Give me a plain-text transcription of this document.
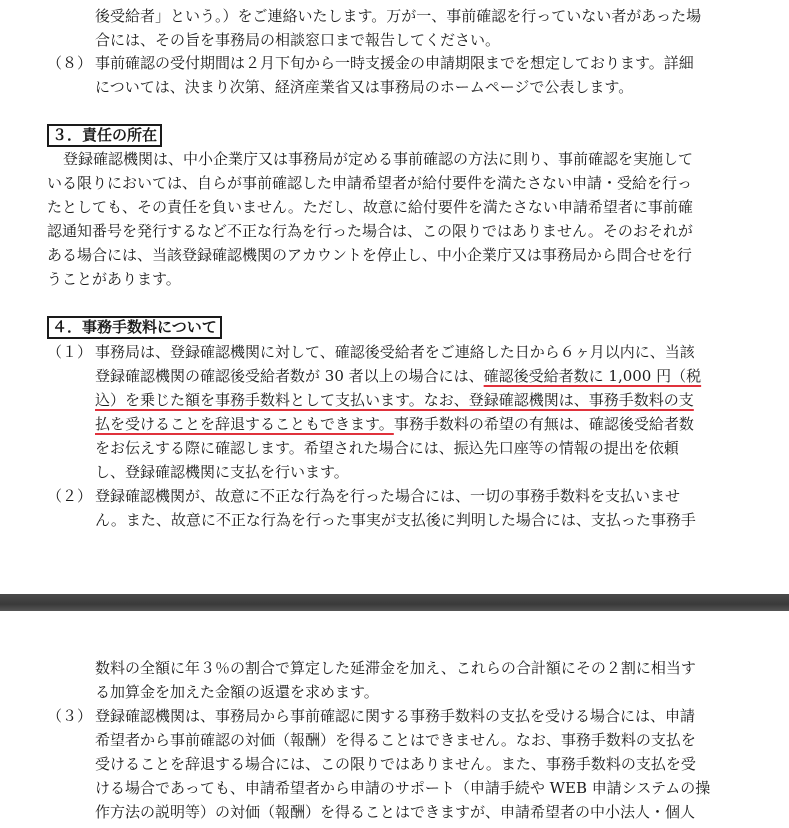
後受給者」という。）をご連絡いたします。万が一、事前確認を行っていない者があった場
合には、その旨を事務局の相談窓口まで報告してください。
（８） 事前確認の受付期間は２月下旬から一時支援金の申請期限までを想定しております。詳細
については、決まり次第、経済産業省又は事務局のホームページで公表します。
３．責任の所在
登録確認機関は、中小企業庁又は事務局が定める事前確認の方法に則り、事前確認を実施して
いる限りにおいては、自らが事前確認した申請希望者が給付要件を満たさない申請・受給を行っ
たとしても、その責任を負いません。ただし、故意に給付要件を満たさない申請希望者に事前確
認通知番号を発行するなど不正な行為を行った場合は、この限りではありません。そのおそれが
ある場合には、当該登録確認機関のアカウントを停止し、中小企業庁又は事務局から問合せを行
うことがあります。
４．事務手数料について
（１） 事務局は、登録確認機関に対して、確認後受給者をご連絡した日から６ヶ月以内に、当該
登録確認機関の確認後受給者数が 30 者以上の場合には、確認後受給者数に 1,000 円（税
込）を乗じた額を事務手数料として支払います。なお、登録確認機関は、事務手数料の支
払を受けることを辞退することもできます。事務手数料の希望の有無は、確認後受給者数
をお伝えする際に確認します。希望された場合には、振込先口座等の情報の提出を依頼
し、登録確認機関に支払を行います。
（２） 登録確認機関が、故意に不正な行為を行った場合には、一切の事務手数料を支払いませ
ん。また、故意に不正な行為を行った事実が支払後に判明した場合には、支払った事務手
数料の全額に年３％の割合で算定した延滞金を加え、これらの合計額にその２割に相当す
る加算金を加えた金額の返還を求めます。
（３） 登録確認機関は、事務局から事前確認に関する事務手数料の支払を受ける場合には、申請
希望者から事前確認の対価（報酬）を得ることはできません。なお、事務手数料の支払を
受けることを辞退する場合には、この限りではありません。また、事務手数料の支払を受
ける場合であっても、申請希望者から申請のサポート（申請手続や WEB 申請システムの操
作方法の説明等）の対価（報酬）を得ることはできますが、申請希望者の中小法人・個人
